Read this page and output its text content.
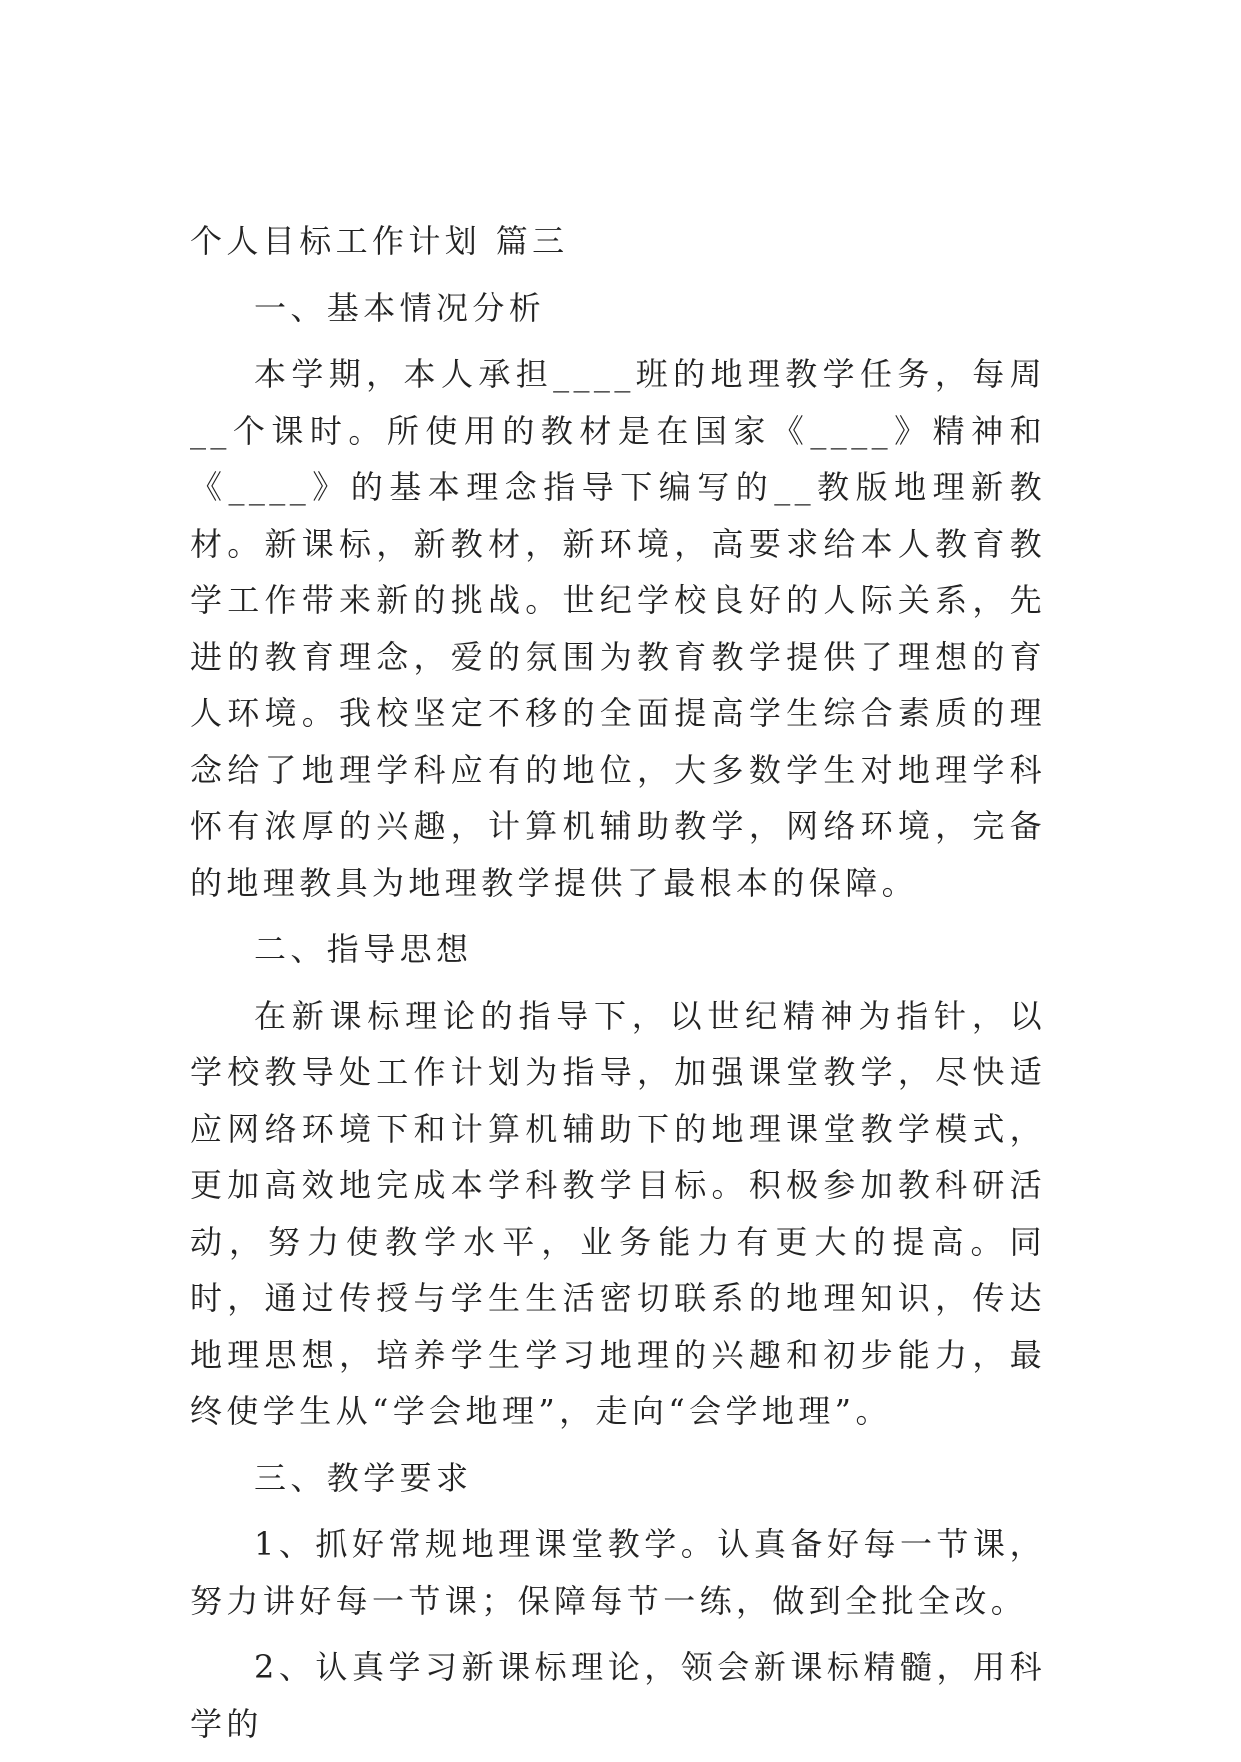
个人目标工作计划 篇三
一、基本情况分析
本学期，本人承担____班的地理教学任务，每周__个课时。所使用的教材是在国家《____》精神和《____》的基本理念指导下编写的__教版地理新教材。新课标，新教材，新环境，高要求给本人教育教学工作带来新的挑战。世纪学校良好的人际关系，先进的教育理念，爱的氛围为教育教学提供了理想的育人环境。我校坚定不移的全面提高学生综合素质的理念给了地理学科应有的地位，大多数学生对地理学科怀有浓厚的兴趣，计算机辅助教学，网络环境，完备的地理教具为地理教学提供了最根本的保障。
二、指导思想
在新课标理论的指导下，以世纪精神为指针，以学校教导处工作计划为指导，加强课堂教学，尽快适应网络环境下和计算机辅助下的地理课堂教学模式，更加高效地完成本学科教学目标。积极参加教科研活动，努力使教学水平，业务能力有更大的提高。同时，通过传授与学生生活密切联系的地理知识，传达地理思想，培养学生学习地理的兴趣和初步能力，最终使学生从“学会地理”，走向“会学地理”。
三、教学要求
1、抓好常规地理课堂教学。认真备好每一节课，努力讲好每一节课；保障每节一练，做到全批全改。
2、认真学习新课标理论，领会新课标精髓，用科学的
